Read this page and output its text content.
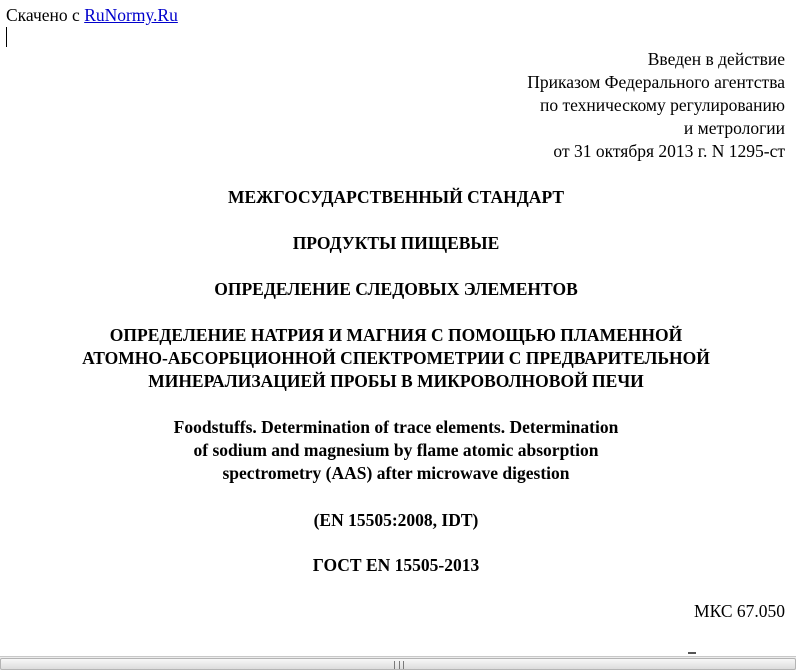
Скачено с RuNormy.Ru
Введен в действие
Приказом Федерального агентства
по техническому регулированию
и метрологии
от 31 октября 2013 г. N 1295-ст
МЕЖГОСУДАРСТВЕННЫЙ СТАНДАРТ
ПРОДУКТЫ ПИЩЕВЫЕ
ОПРЕДЕЛЕНИЕ СЛЕДОВЫХ ЭЛЕМЕНТОВ
ОПРЕДЕЛЕНИЕ НАТРИЯ И МАГНИЯ С ПОМОЩЬЮ ПЛАМЕННОЙ
АТОМНО-АБСОРБЦИОННОЙ СПЕКТРОМЕТРИИ С ПРЕДВАРИТЕЛЬНОЙ
МИНЕРАЛИЗАЦИЕЙ ПРОБЫ В МИКРОВОЛНОВОЙ ПЕЧИ
Foodstuffs. Determination of trace elements. Determination
of sodium and magnesium by flame atomic absorption
spectrometry (AAS) after microwave digestion
(EN 15505:2008, IDT)
ГОСТ EN 15505-2013
МКС 67.050
